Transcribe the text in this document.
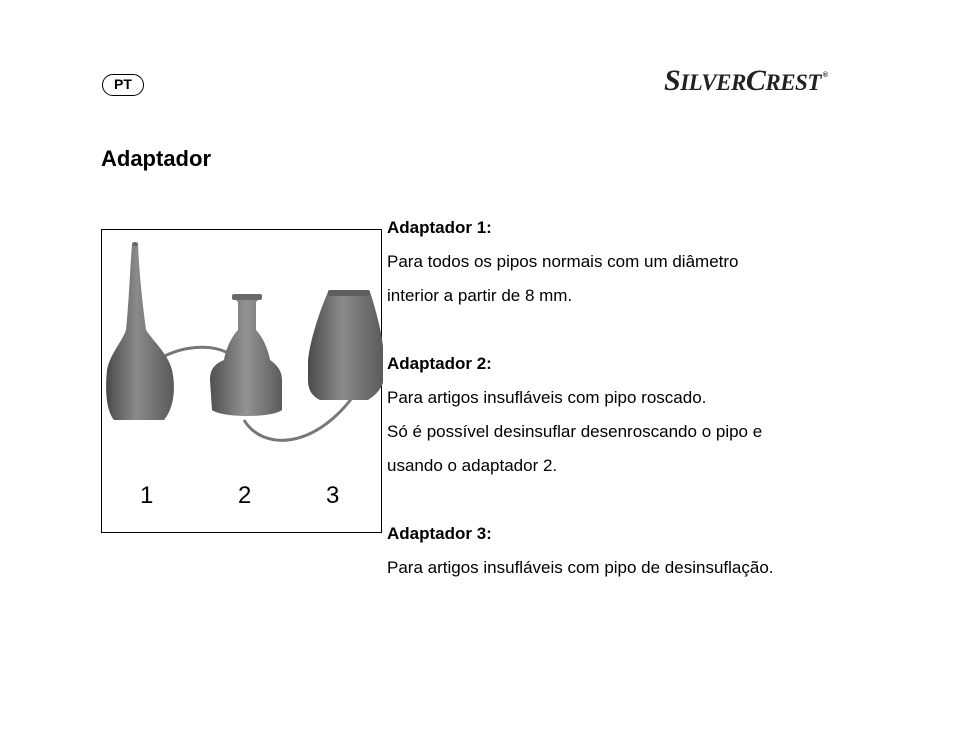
PT	SILVERCREST ®
Adaptador
1	2	3

Adaptador 1:

Para todos os pipos normais com um diâmetro

interior a partir de 8 mm.

Adaptador 2:

Para artigos insufláveis com pipo roscado.

Só é possível desinsuflar desenroscando o pipo e

usando o adaptador 2.

Adaptador 3:

Para artigos insufláveis com pipo de desinsuflação.
